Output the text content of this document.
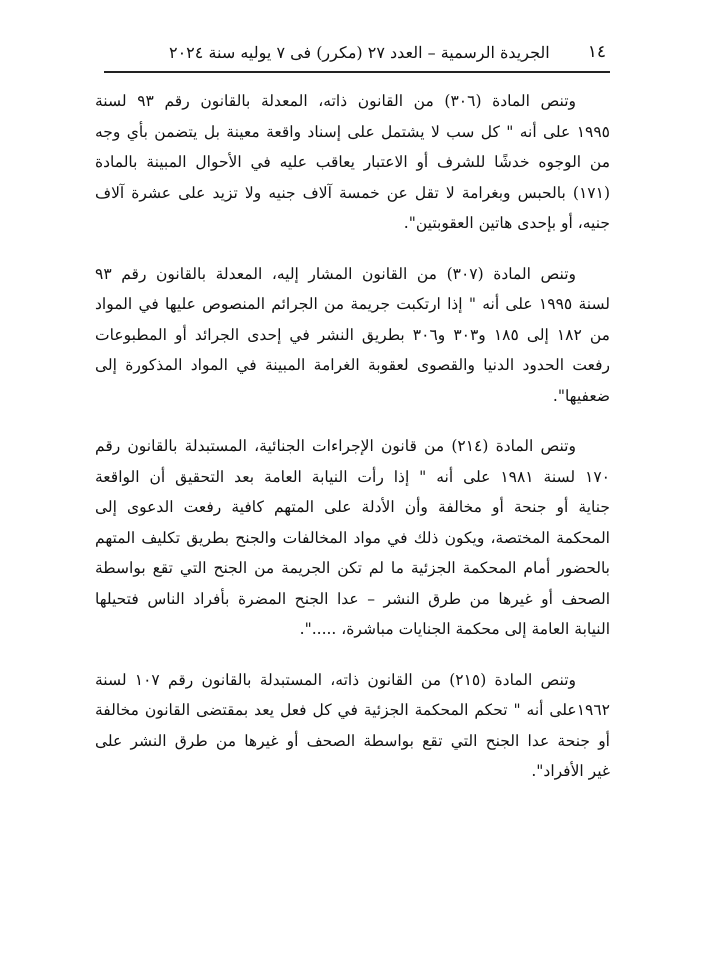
١٤
الجريدة الرسمية – العدد ٢٧ (مكرر) فى ٧ يوليه سنة ٢٠٢٤

وتنص المادة (٣٠٦) من القانون ذاته، المعدلة بالقانون رقم ٩٣ لسنة
١٩٩٥ على أنه " كل سب لا يشتمل على إسناد واقعة معينة بل يتضمن بأي وجه
من الوجوه خدشًا للشرف أو الاعتبار يعاقب عليه في الأحوال المبينة بالمادة
(١٧١) بالحبس وبغرامة لا تقل عن خمسة آلاف جنيه ولا تزيد على عشرة آلاف
جنيه، أو بإحدى هاتين العقوبتين".

وتنص المادة (٣٠٧) من القانون المشار إليه، المعدلة بالقانون رقم ٩٣
لسنة ١٩٩٥ على أنه " إذا ارتكبت جريمة من الجرائم المنصوص عليها في المواد
من ١٨٢ إلى ١٨٥ و٣٠٣ و٣٠٦ بطريق النشر في إحدى الجرائد أو المطبوعات
رفعت الحدود الدنيا والقصوى لعقوبة الغرامة المبينة في المواد المذكورة إلى
ضعفيها".

وتنص المادة (٢١٤) من قانون الإجراءات الجنائية، المستبدلة بالقانون رقم
١٧٠ لسنة ١٩٨١ على أنه " إذا رأت النيابة العامة بعد التحقيق أن الواقعة
جناية أو جنحة أو مخالفة وأن الأدلة على المتهم كافية رفعت الدعوى إلى
المحكمة المختصة، ويكون ذلك في مواد المخالفات والجنح بطريق تكليف المتهم
بالحضور أمام المحكمة الجزئية ما لم تكن الجريمة من الجنح التي تقع بواسطة
الصحف أو غيرها من طرق النشر – عدا الجنح المضرة بأفراد الناس فتحيلها
النيابة العامة إلى محكمة الجنايات مباشرة، .....".

وتنص المادة (٢١٥) من القانون ذاته، المستبدلة بالقانون رقم ١٠٧ لسنة
١٩٦٢على أنه " تحكم المحكمة الجزئية في كل فعل يعد بمقتضى القانون مخالفة
أو جنحة عدا الجنح التي تقع بواسطة الصحف أو غيرها من طرق النشر على
غير الأفراد".
